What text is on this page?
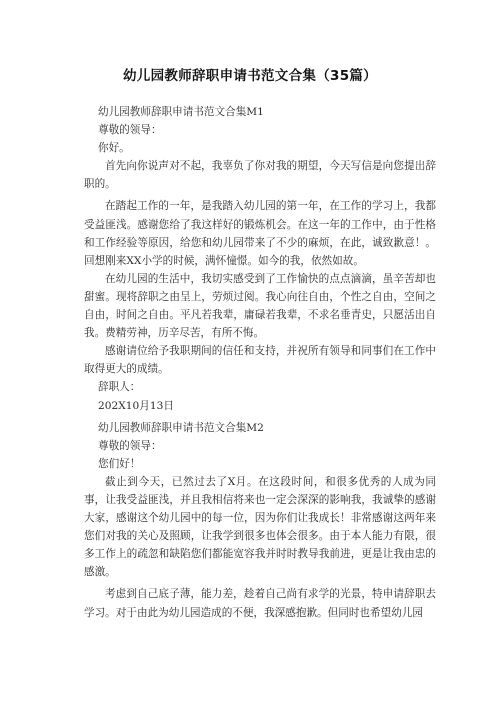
幼儿园教师辞职申请书范文合集（35篇）

幼儿园教师辞职申请书范文合集M1

尊敬的领导：

你好。

首先向你说声对不起，我辜负了你对我的期望，今天写信是向您提出辞职的。

在踏起工作的一年，是我踏入幼儿园的第一年，在工作的学习上，我都受益匪浅。感谢您给了我这样好的锻炼机会。在这一年的工作中，由于性格和工作经验等原因，给您和幼儿园带来了不少的麻烦，在此，诚致歉意！。回想刚来XX小学的时候，满怀憧憬。如今的我，依然如故。

在幼儿园的生活中，我切实感受到了工作愉快的点点滴滴，虽辛苦却也甜蜜。现将辞职之由呈上，劳烦过阅。我心向往自由，个性之自由，空间之自由，时间之自由。平凡若我辈，庸碌若我辈，不求名垂青史，只愿活出自我。费精劳神，历辛尽苦，有所不悔。

感谢请位给予我职期间的信任和支持，并祝所有领导和同事们在工作中取得更大的成绩。

辞职人：

202X10月13日

幼儿园教师辞职申请书范文合集M2

尊敬的领导：

您们好！

截止到今天，已然过去了X月。在这段时间，和很多优秀的人成为同事，让我受益匪浅，并且我相信将来也一定会深深的影响我，我诚挚的感谢大家，感谢这个幼儿园中的每一位，因为你们让我成长！非常感谢这两年来您们对我的关心及照顾，让我学到很多也体会很多。由于本人能力有限，很多工作上的疏忽和缺陷您们都能宽容我并时时教导我前进，更是让我由忠的感激。

考虑到自己底子薄，能力差，趁着自己尚有求学的光景，特申请辞职去学习。对于由此为幼儿园造成的不便，我深感抱歉。但同时也希望幼儿园
